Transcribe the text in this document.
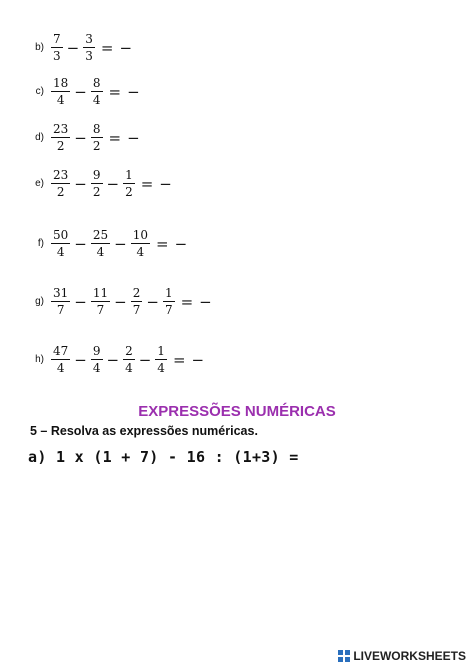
$b) \frac{7}{3} - \frac{3}{3}$ = −
$c) \frac{18}{4} - \frac{8}{4}$ = −
$d) \frac{23}{2} - \frac{8}{2}$ = −
$e) \frac{23}{2} - \frac{9}{2} - \frac{1}{2}$ = −
$f) \frac{50}{4} - \frac{25}{4} - \frac{10}{4}$ = −
$g) \frac{31}{7} - \frac{11}{7} - \frac{2}{7} - \frac{1}{7}$ = −
$h) \frac{47}{4} - \frac{9}{4} - \frac{2}{4} - \frac{1}{4}$ = −
EXPRESSÕES NUMÉRICAS
5 – Resolva as expressões numéricas.
a) 1 x (1 + 7) - 16 : (1+3) =
LIVEWORKSHEETS
